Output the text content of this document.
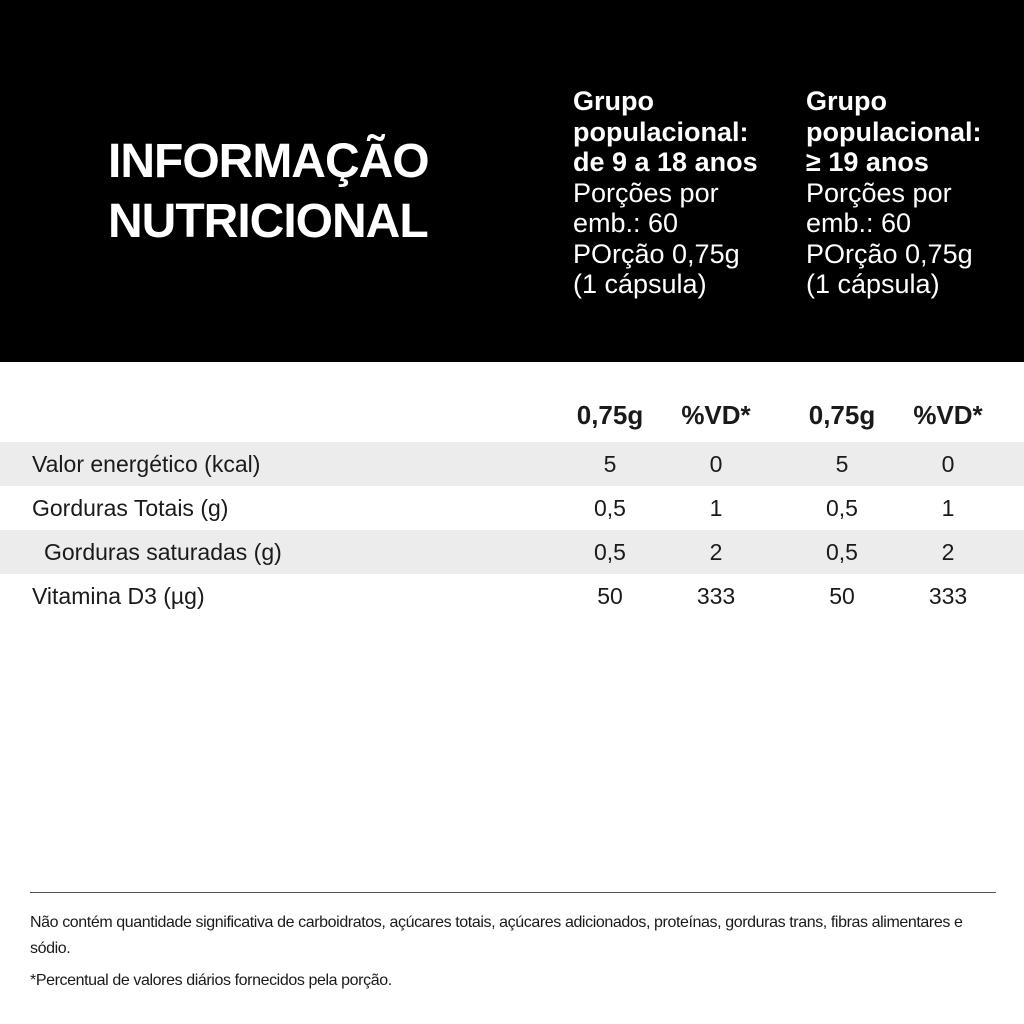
INFORMAÇÃO
NUTRICIONAL
Grupo
populacional:
de 9 a 18 anos
Porções por
emb.: 60
POrção 0,75g
(1 cápsula)
Grupo
populacional:
≥ 19 anos
Porções por
emb.: 60
POrção 0,75g
(1 cápsula)
0,75g	%VD*	0,75g	%VD*
Valor energético (kcal)	5	0	5	0
Gorduras Totais (g)	0,5	1	0,5	1
Gorduras saturadas (g)	0,5	2	0,5	2
Vitamina D3 (µg)	50	333	50	333

Não contém quantidade significativa de carboidratos, açúcares totais, açúcares adicionados, proteínas, gorduras trans, fibras alimentares e sódio.

*Percentual de valores diários fornecidos pela porção.
